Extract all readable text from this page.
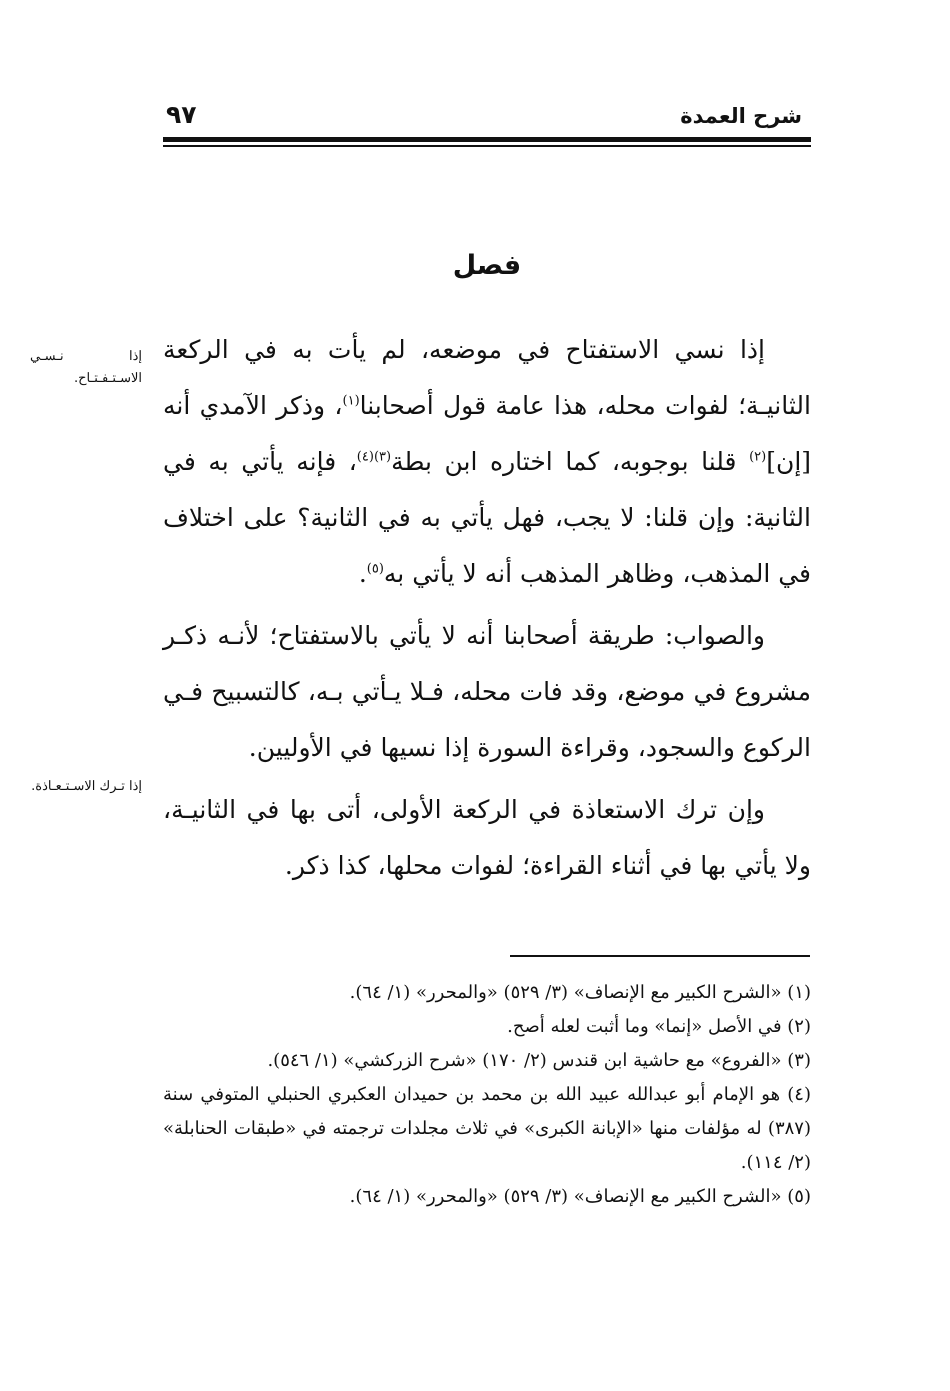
شرح العمدة
٩٧
فصل
إذا نـسـي الاسـتـفـتـاح.
إذا تـرك الاسـتـعـاذة.

إذا نسي الاستفتاح في موضعه، لم يأت به في الركعة الثانيـة؛ لفوات محله، هذا عامة قول أصحابنا$^{(١)}$، وذكر الآمدي أنه [إن]$^{(٢)}$ قلنا بوجوبه، كما اختاره ابن بطة$^{(٣)(٤)}$، فإنه يأتي به في الثانية: وإن قلنا: لا يجب، فهل يأتي به في الثانية؟ على اختلاف في المذهب، وظاهر المذهب أنه لا يأتي به$^{(٥)}$.

والصواب: طريقة أصحابنا أنه لا يأتي بالاستفتاح؛ لأنـه ذكـر مشروع في موضع، وقد فات محله، فـلا يـأتي بـه، كالتسبيح فـي الركوع والسجود، وقراءة السورة إذا نسيها في الأوليين.

وإن ترك الاستعاذة في الركعة الأولى، أتى بها في الثانيـة، ولا يأتي بها في أثناء القراءة؛ لفوات محلها، كذا ذكر.

(١) «الشرح الكبير مع الإنصاف» (٣/ ٥٢٩) «والمحرر» (١/ ٦٤).

(٢) في الأصل «إنما» وما أثبت لعله أصح.

(٣) «الفروع» مع حاشية ابن قندس (٢/ ١٧٠) «شرح الزركشي» (١/ ٥٤٦).

(٤) هو الإمام أبو عبدالله عبيد الله بن محمد بن حميدان العكبري الحنبلي المتوفي سنة (٣٨٧) له مؤلفات منها «الإبانة الكبرى» في ثلاث مجلدات ترجمته في «طبقات الحنابلة» (٢/ ١١٤).

(٥) «الشرح الكبير مع الإنصاف» (٣/ ٥٢٩) «والمحرر» (١/ ٦٤).
